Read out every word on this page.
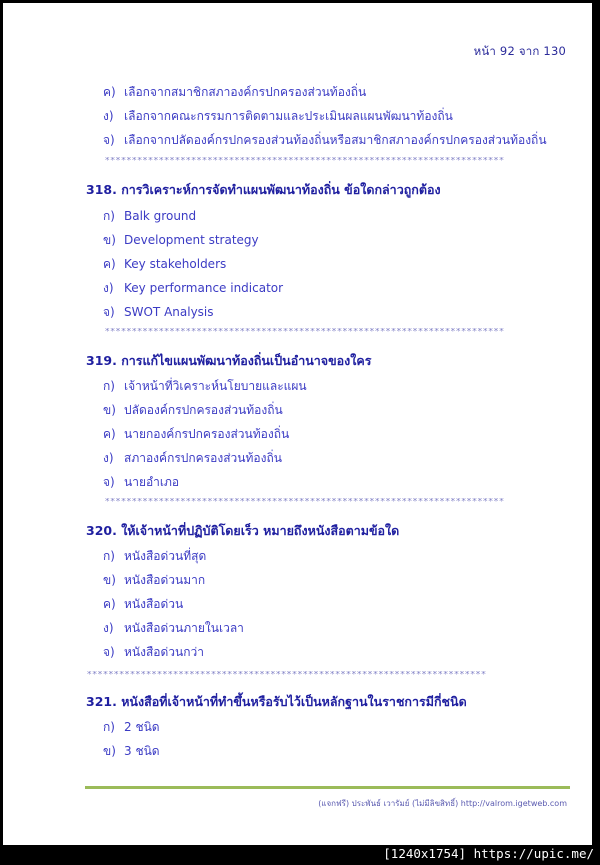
หน้า 92 จาก 130
ค) เลือกจากสมาชิกสภาองค์กรปกครองส่วนท้องถิ่น
ง) เลือกจากคณะกรรมการติดตามและประเมินผลแผนพัฒนาท้องถิ่น
จ) เลือกจากปลัดองค์กรปกครองส่วนท้องถิ่นหรือสมาชิกสภาองค์กรปกครองส่วนท้องถิ่น
**************************************************************************
318. การวิเคราะห์การจัดทำแผนพัฒนาท้องถิ่น ข้อใดกล่าวถูกต้อง
ก) Balk ground
ข) Development strategy
ค) Key stakeholders
ง) Key performance indicator
จ) SWOT Analysis
**************************************************************************
319. การแก้ไขแผนพัฒนาท้องถิ่นเป็นอำนาจของใคร
ก) เจ้าหน้าที่วิเคราะห์นโยบายและแผน
ข) ปลัดองค์กรปกครองส่วนท้องถิ่น
ค) นายกองค์กรปกครองส่วนท้องถิ่น
ง) สภาองค์กรปกครองส่วนท้องถิ่น
จ) นายอำเภอ
**************************************************************************
320. ให้เจ้าหน้าที่ปฏิบัติโดยเร็ว หมายถึงหนังสือตามข้อใด
ก) หนังสือด่วนที่สุด
ข) หนังสือด่วนมาก
ค) หนังสือด่วน
ง) หนังสือด่วนภายในเวลา
จ) หนังสือด่วนกว่า
**************************************************************************
321. หนังสือที่เจ้าหน้าที่ทำขึ้นหรือรับไว้เป็นหลักฐานในราชการมีกี่ชนิด
ก) 2 ชนิด
ข) 3 ชนิด
(แจกฟรี) ประพันธ์ เวารัมย์ (ไม่มีลิขสิทธิ์) http://valrom.igetweb.com
[1240x1754] https://upic.me/
